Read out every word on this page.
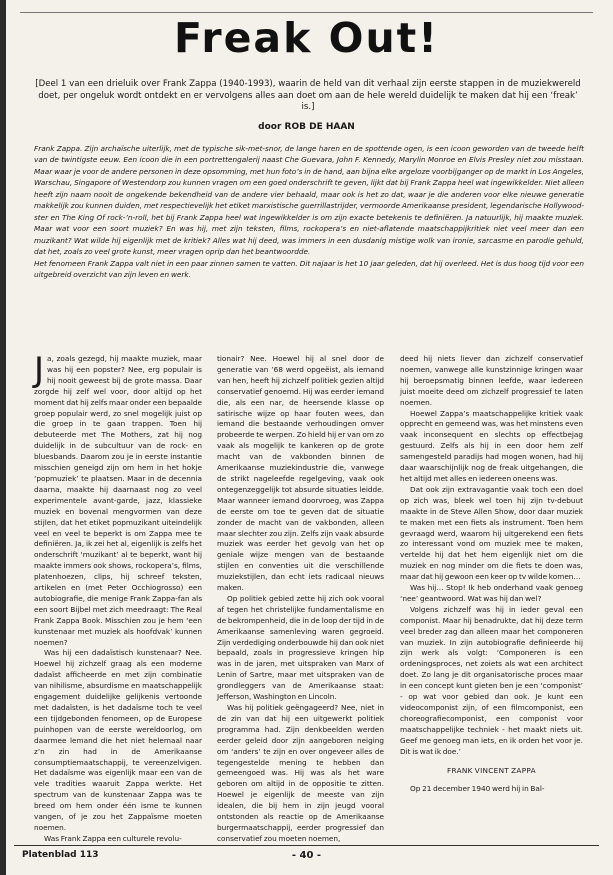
Freak Out!
[Deel 1 van een drieluik over Frank Zappa (1940-1993), waarin de held van dit verhaal zijn eerste stappen in de muziekwereld doet, per ongeluk wordt ontdekt en er vervolgens alles aan doet om aan de hele wereld duidelijk te maken dat hij een ‘freak’ is.]
door ROB DE HAAN

Frank Zappa. Zijn archaïsche uiterlijk, met de typische sik-met-snor, de lange haren en de spottende ogen, is een icoon geworden van de tweede helft van de twintigste eeuw. Een icoon die in een portrettengalerij naast Che Guevara, John F. Kennedy, Marylin Monroe en Elvis Presley niet zou misstaan. Maar waar je voor de andere personen in deze opsomming, met hun foto’s in de hand, aan bijna elke argeloze voorbijganger op de markt in Los Angeles, Warschau, Singapore of Westendorp zou kunnen vragen om een goed onderschrift te geven, lijkt dat bij Frank Zappa heel wat ingewikkelder. Niet alleen heeft zijn naam nooit de ongekende bekendheid van de andere vier behaald, maar ook is het zo dat, waar je die anderen voor elke nieuwe generatie makkelijk zou kunnen duiden, met respectievelijk het etiket marxistische guerrillastrijder, vermoorde Amerikaanse president, legendarische Hollywood-ster en The King Of rock-’n-roll, het bij Frank Zappa heel wat ingewikkelder is om zijn exacte betekenis te definiëren. Ja natuurlijk, hij maakte muziek. Maar wat voor een soort muziek? En was hij, met zijn teksten, films, rockopera’s en niet-aflatende maatschappijkritiek niet veel meer dan een muzikant? Wat wilde hij eigenlijk met de kritiek? Alles wat hij deed, was immers in een dusdanig mistige wolk van ironie, sarcasme en parodie gehuld, dat het, zoals zo veel grote kunst, meer vragen oprip dan het beantwoordde.

Het fenomeen Frank Zappa valt niet in een paar zinnen samen te vatten. Dit najaar is het 10 jaar geleden, dat hij overleed. Het is dus hoog tijd voor een uitgebreid overzicht van zijn leven en werk.

Ja, zoals gezegd, hij maakte muziek, maar was hij een popster? Nee, erg populair is hij nooit geweest bij de grote massa. Daar zorgde hij zelf wel voor, door altijd op het moment dat hij zelfs maar onder een bepaalde groep populair werd, zo snel mogelijk juist op die groep in te gaan trappen. Toen hij debuteerde met The Mothers, zat hij nog duidelijk in de subcultuur van de rock- en bluesbands. Daarom zou je in eerste instantie misschien geneigd zijn om hem in het hokje ‘popmuziek’ te plaatsen. Maar in de decennia daarna, maakte hij daarnaast nog zo veel experimentele avant-garde, jazz, klassieke muziek en bovenal mengvormen van deze stijlen, dat het etiket popmuzikant uiteindelijk veel en veel te beperkt is om Zappa mee te definiëren. Ja, ik zei het al, eigenlijk is zelfs het onderschrift ‘muzikant’ al te beperkt, want hij maakte immers ook shows, rockopera’s, films, platenhoezen, clips, hij schreef teksten, artikelen en (met Peter Occhiogrosso) een autobiografie, die menige Frank Zappa-fan als een soort Bijbel met zich meedraagt: The Real Frank Zappa Book. Misschien zou je hem ‘een kunstenaar met muziek als hoofdvak’ kunnen noemen?

Was hij een dadaïstisch kunstenaar? Nee. Hoewel hij zichzelf graag als een moderne dadaïst afficheerde en met zijn combinatie van nihilisme, absurdisme en maatschappelijk engagement duidelijke gelijkenis vertoonde met dadaïsten, is het dadaïsme toch te veel een tijdgebonden fenomeen, op de Europese puinhopen van de eerste wereldoorlog, om daarmee lemand die het niet helemaal naar z’n zin had in de Amerikaanse consumptiemaatschappij, te vereenzelvigen. Het dadaïsme was eigenlijk maar een van de vele tradities waaruit Zappa werkte. Het spectrum van de kunstenaar Zappa was te breed om hem onder één isme te kunnen vangen, of je zou het Zappaïsme moeten noemen.

Was Frank Zappa een culturele revolu-

tionair? Nee. Hoewel hij al snel door de generatie van ’68 werd opgeëist, als iemand van hen, heeft hij zichzelf politiek gezien altijd conservatief genoemd. Hij was eerder iemand die, als een nar, de heersende klasse op satirische wijze op haar fouten wees, dan iemand die bestaande verhoudingen omver probeerde te werpen. Zo hield hij er van om zo vaak als mogelijk te kankeren op de grote macht van de vakbonden binnen de Amerikaanse muziekindustrie die, vanwege de strikt nageleefde regelgeving, vaak ook ontegenzeggelijk tot absurde situaties leidde. Maar wanneer iemand doorvroeg, was Zappa de eerste om toe te geven dat de situatie zonder de macht van de vakbonden, alleen maar slechter zou zijn. Zelfs zijn vaak absurde muziek was eerder het gevolg van het op geniale wijze mengen van de bestaande stijlen en conventies uit die verschillende muziekstijlen, dan echt iets radicaal nieuws maken.

Op politiek gebied zette hij zich ook vooral af tegen het christelijke fundamentalisme en de bekrompenheid, die in de loop der tijd in de Amerikaanse samenleving waren gegroeid. Zijn verdediging onderbouwde hij dan ook niet bepaald, zoals in progressieve kringen hip was in de jaren, met uitspraken van Marx of Lenin of Sartre, maar met uitspraken van de grondleggers van de Amerikaanse staat: Jefferson, Washington en Lincoln.

Was hij politiek geëngageerd? Nee, niet in de zin van dat hij een uitgewerkt politiek programma had. Zijn denkbeelden werden eerder geleid door zijn aangeboren neiging om ‘anders’ te zijn en over ongeveer alles de tegengestelde mening te hebben dan gemeengoed was. Hij was als het ware geboren om altijd in de oppositie te zitten. Hoewel je eigenlijk de meeste van zijn idealen, die bij hem in zijn jeugd vooral ontstonden als reactie op de Amerikaanse burgermaatschappij, eerder progressief dan conservatief zou moeten noemen,

deed hij niets liever dan zichzelf conservatief noemen, vanwege alle kunstzinnige kringen waar hij beroepsmatig binnen leefde, waar iedereen juist moeite deed om zichzelf progressief te laten noemen.

Hoewel Zappa’s maatschappelijke kritiek vaak opprecht en gemeend was, was het minstens even vaak inconsequent en slechts op effectbejag gestuurd. Zelfs als hij in een door hem zelf samengesteld paradijs had mogen wonen, had hij daar waarschijnlijk nog de freak uitgehangen, die het altijd met alles en iedereen oneens was.

Dat ook zijn extravagantie vaak toch een doel op zich was, bleek wel toen hij zijn tv-debuut maakte in de Steve Allen Show, door daar muziek te maken met een fiets als instrument. Toen hem gevraagd werd, waarom hij uitgerekend een fiets zo interessant vond om muziek mee te maken, vertelde hij dat het hem eigenlijk niet om die muziek en nog minder om die fiets te doen was, maar dat hij gewoon een keer op tv wilde komen…

Was hij… Stop! Ik heb onderhand vaak genoeg ‘nee’ geantwoord. Wat was hij dan wel?

Volgens zichzelf was hij in ieder geval een componist. Maar hij benadrukte, dat hij deze term veel breder zag dan alleen maar het componeren van muziek. In zijn autobiografie definieerde hij zijn werk als volgt: ‘Componeren is een ordeningsproces, net zoiets als wat een architect doet. Zo lang je dit organisatorische proces maar in een concept kunt gieten ben je een ‘componist’ - op wat voor gebied dan ook. Je kunt een videocomponist zijn, of een filmcomponist, een choreografiecomponist, een componist voor maatschappelijke techniek - het maakt niets uit. Geef me genoeg man iets, en ik orden het voor je. Dit is wat ik doe.’

FRANK VINCENT ZAPPA

Op 21 december 1940 werd hij in Bal-

Platenblad 113	- 40 -
